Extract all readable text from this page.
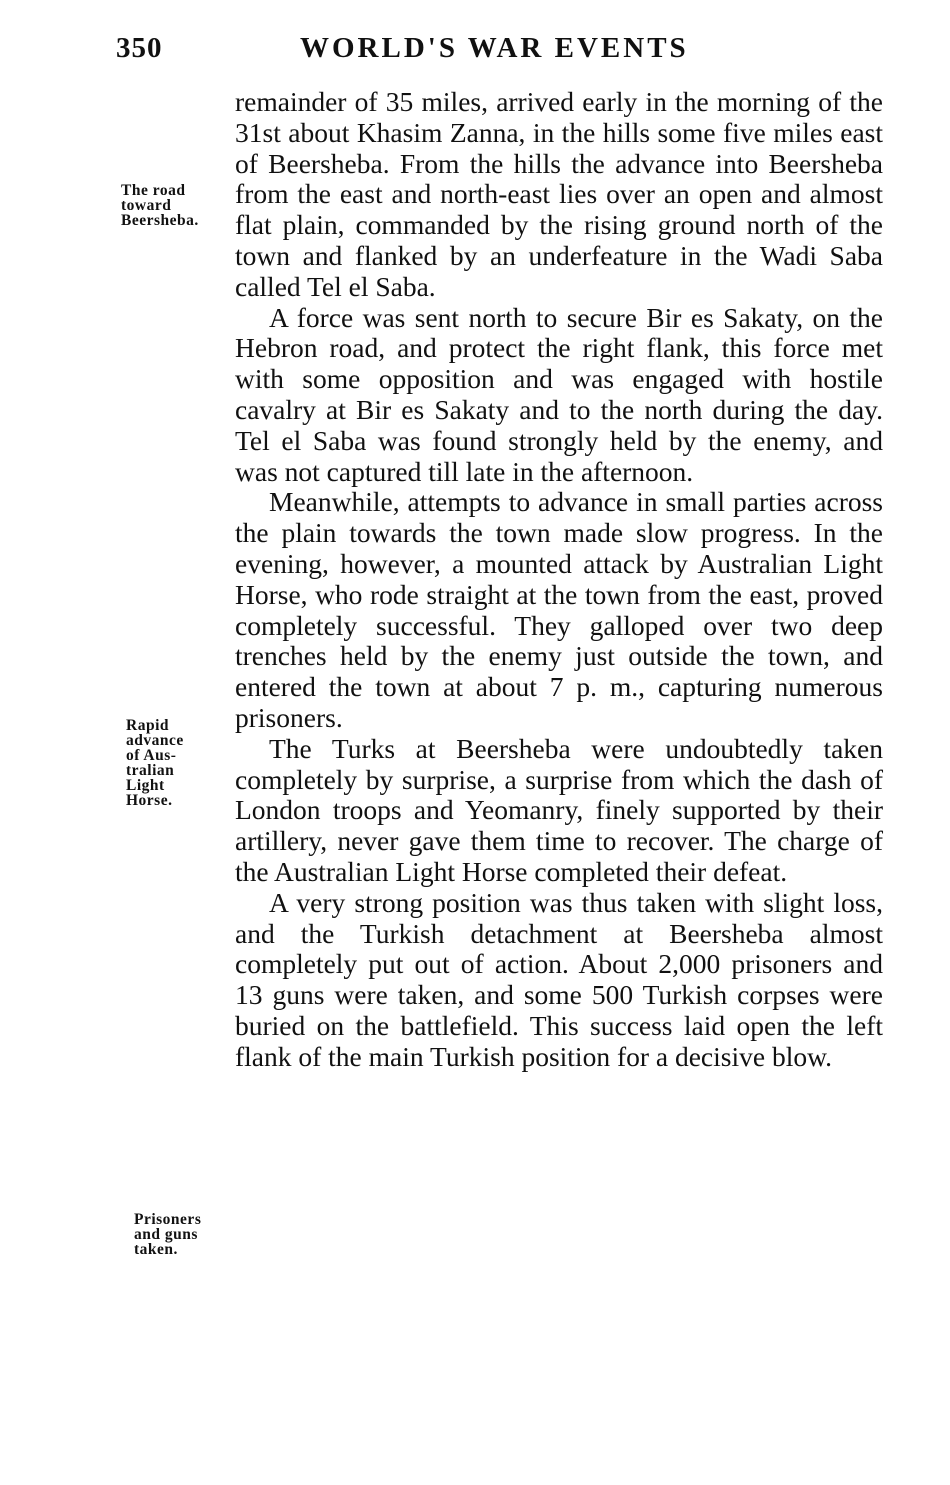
350	WORLD'S WAR EVENTS
The road
toward
Beersheba.
Rapid
advance
of Aus-
tralian
Light
Horse.
Prisoners
and guns
taken.

remainder of 35 miles, arrived early in the morning of the 31st about Khasim Zanna, in the hills some five miles east of Beersheba. From the hills the advance into Beersheba from the east and north-east lies over an open and almost flat plain, commanded by the rising ground north of the town and flanked by an underfeature in the Wadi Saba called Tel el Saba.

A force was sent north to secure Bir es Sakaty, on the Hebron road, and protect the right flank, this force met with some opposition and was engaged with hostile cavalry at Bir es Sakaty and to the north during the day. Tel el Saba was found strongly held by the enemy, and was not captured till late in the afternoon.

Meanwhile, attempts to advance in small parties across the plain towards the town made slow progress. In the evening, however, a mounted attack by Australian Light Horse, who rode straight at the town from the east, proved completely successful. They galloped over two deep trenches held by the enemy just outside the town, and entered the town at about 7 p. m., capturing numerous prisoners.

The Turks at Beersheba were undoubtedly taken completely by surprise, a surprise from which the dash of London troops and Yeomanry, finely supported by their artillery, never gave them time to recover. The charge of the Australian Light Horse completed their defeat.

A very strong position was thus taken with slight loss, and the Turkish detachment at Beersheba almost completely put out of action. About 2,000 prisoners and 13 guns were taken, and some 500 Turkish corpses were buried on the battlefield. This success laid open the left flank of the main Turkish position for a decisive blow.
